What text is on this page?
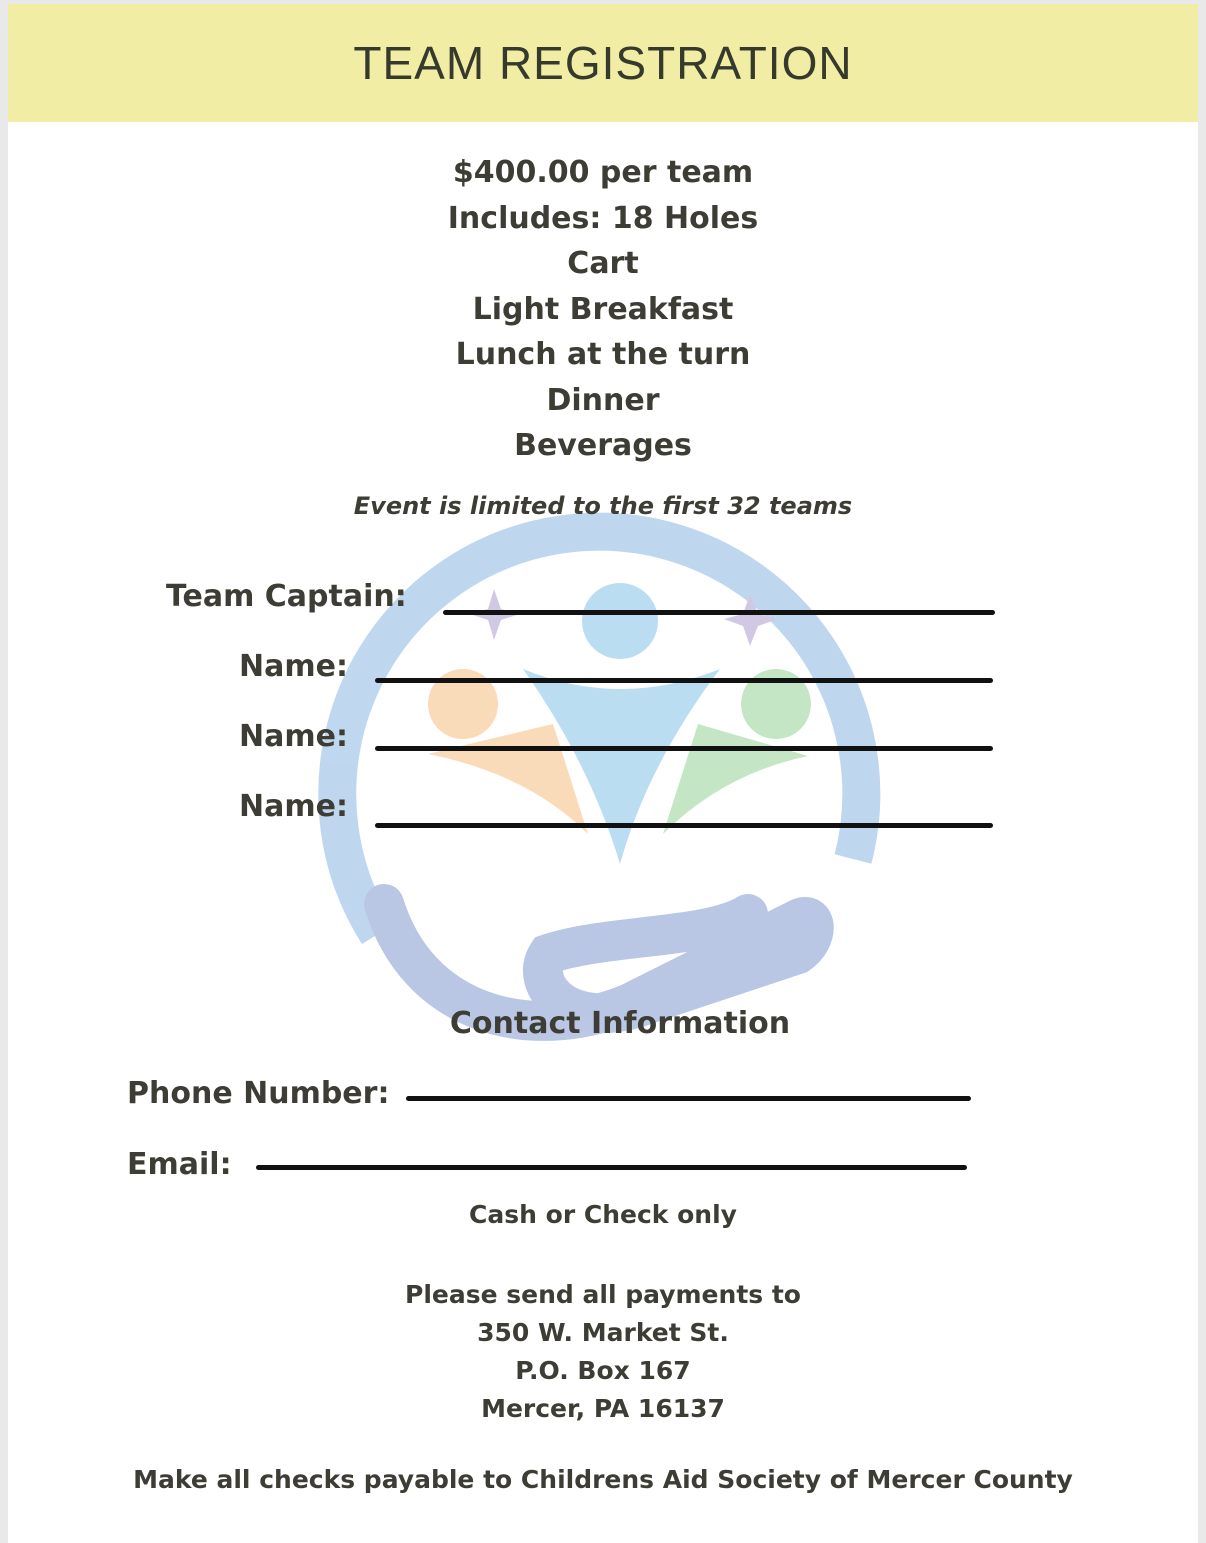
TEAM REGISTRATION
$400.00 per team
Includes: 18 Holes
Cart
Light Breakfast
Lunch at the turn
Dinner
Beverages
Event is limited to the first 32 teams
Team Captain:
Name:
Name:
Name:
Contact Information
Phone Number:
Email:
Cash or Check only
Please send all payments to
350 W. Market St.
P.O. Box 167
Mercer, PA 16137
Make all checks payable to Childrens Aid Society of Mercer County
